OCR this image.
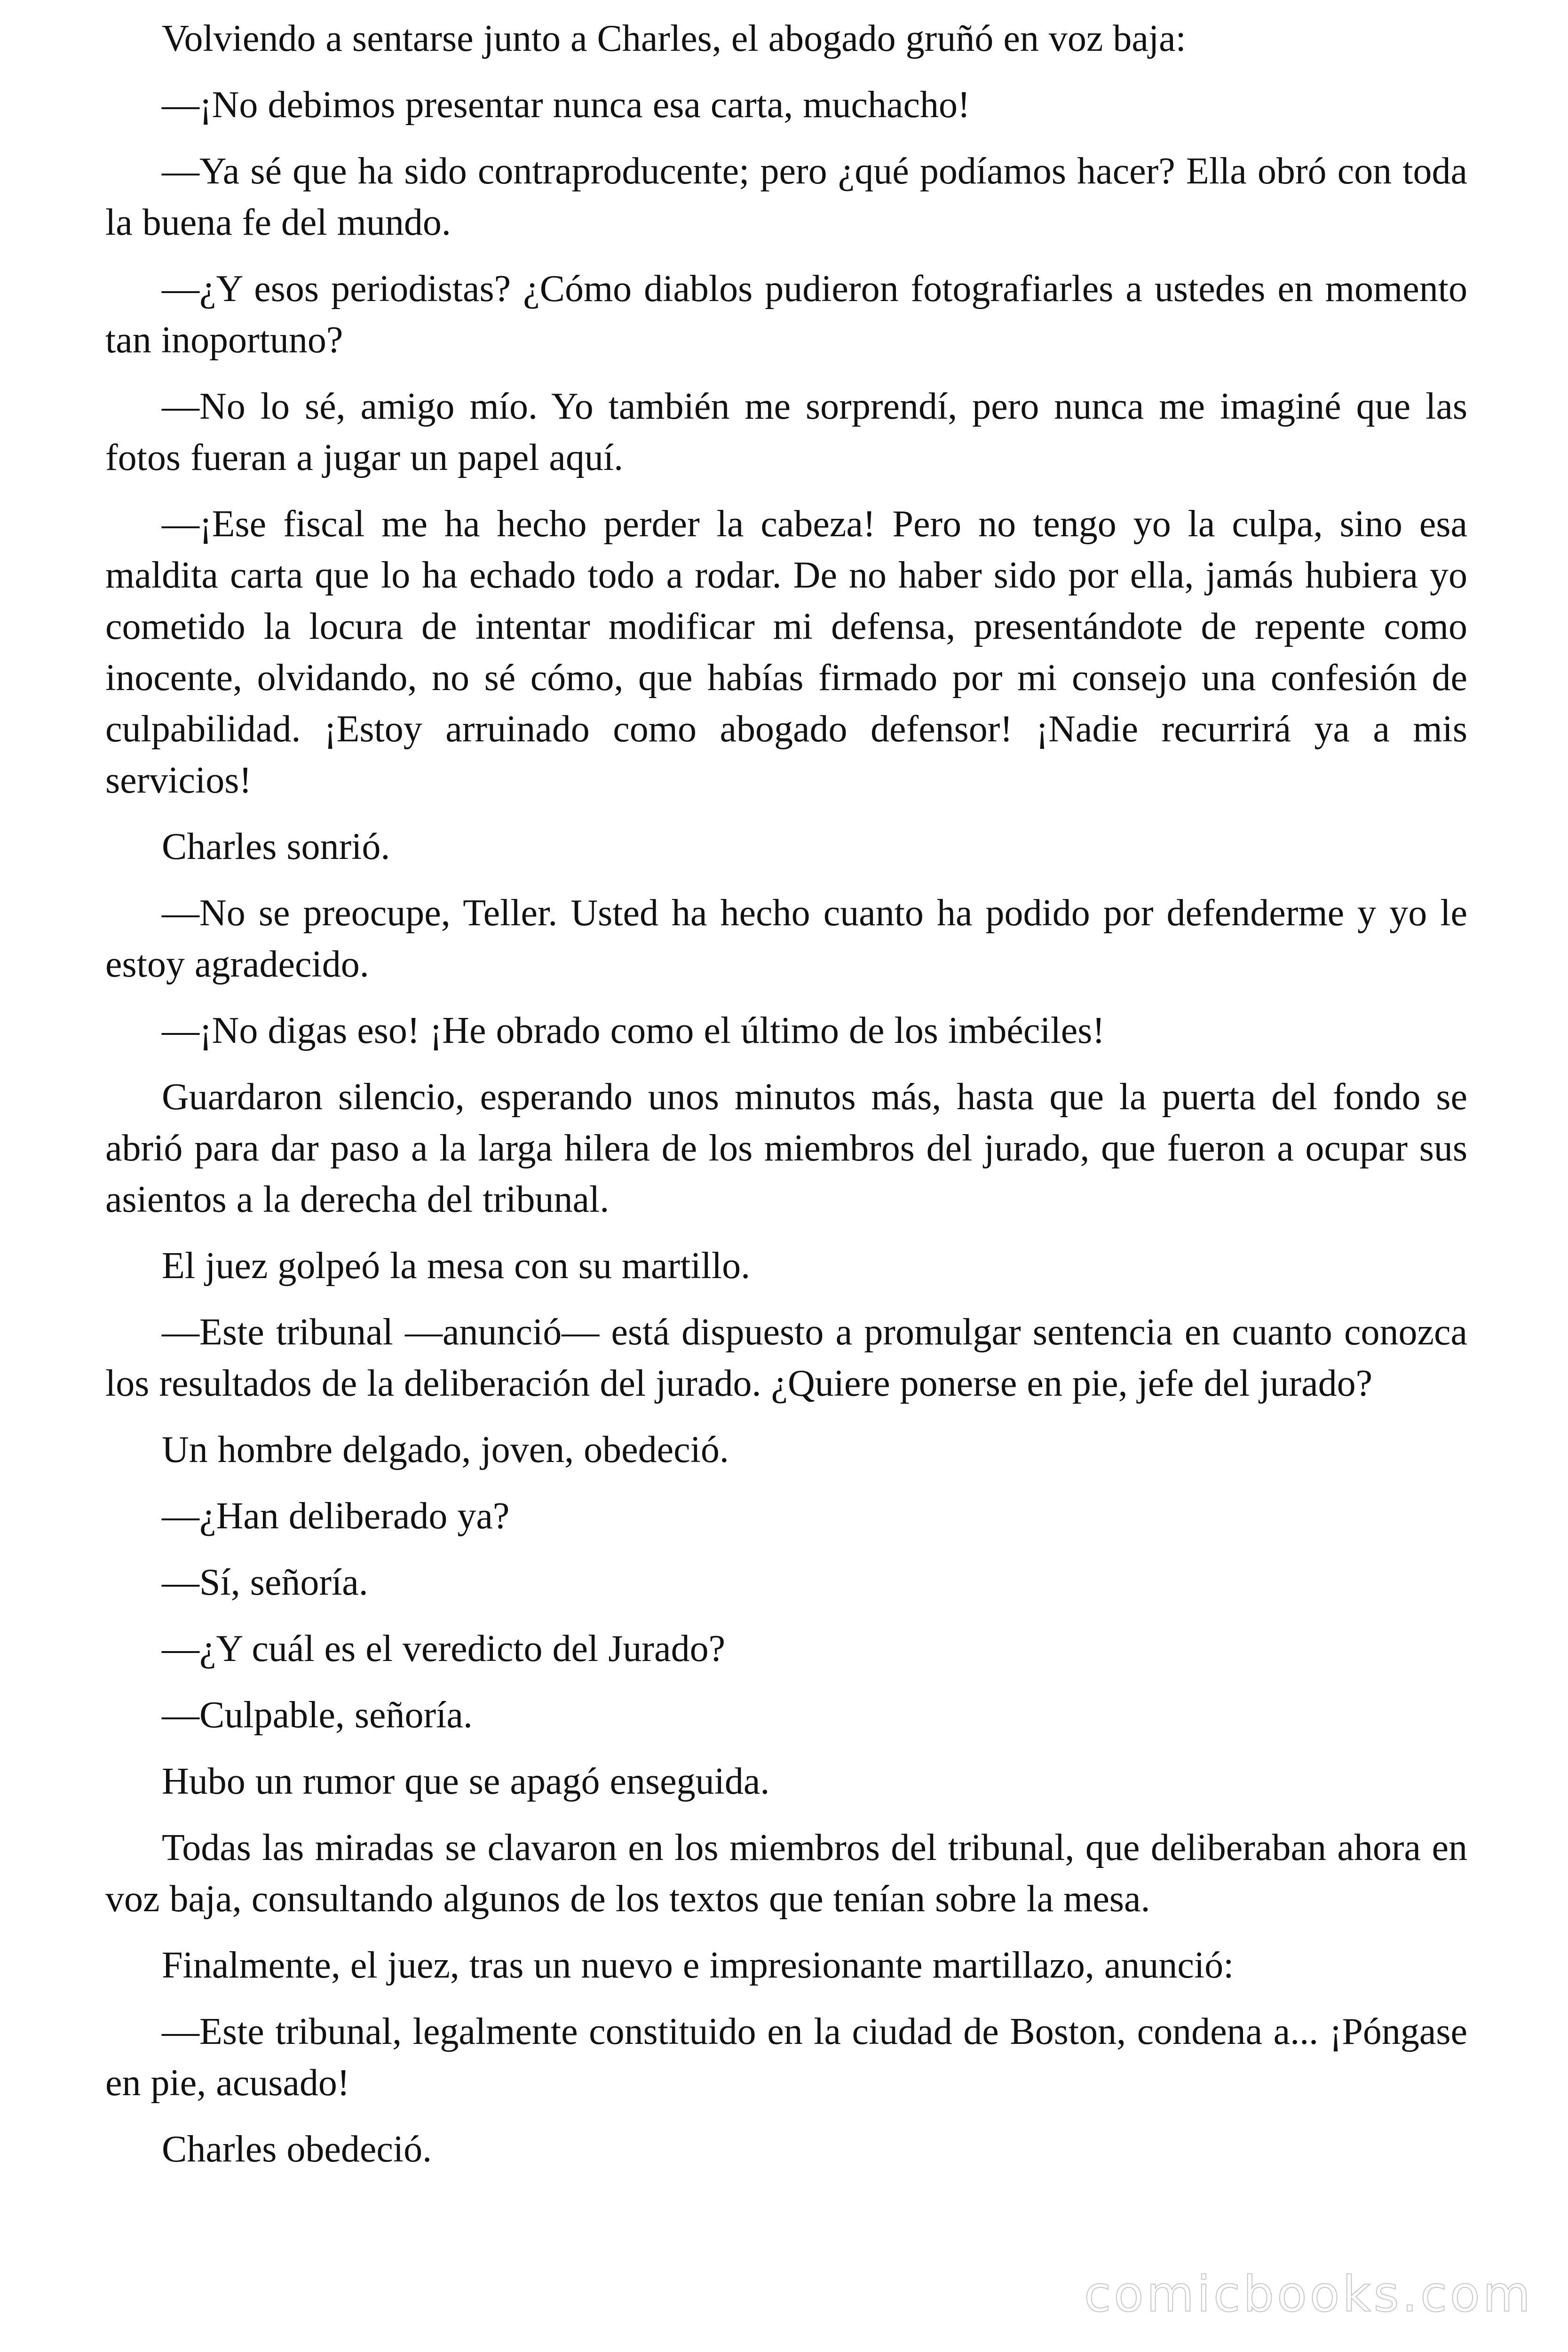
Volviendo a sentarse junto a Charles, el abogado gruñó en voz baja:

—¡No debimos presentar nunca esa carta, muchacho!

—Ya sé que ha sido contraproducente; pero ¿qué podíamos hacer? Ella obró con toda la buena fe del mundo.

—¿Y esos periodistas? ¿Cómo diablos pudieron fotografiarles a ustedes en momento tan inoportuno?

—No lo sé, amigo mío. Yo también me sorprendí, pero nunca me imaginé que las fotos fueran a jugar un papel aquí.

—¡Ese fiscal me ha hecho perder la cabeza! Pero no tengo yo la culpa, sino esa maldita carta que lo ha echado todo a rodar. De no haber sido por ella, jamás hubiera yo cometido la locura de intentar modificar mi defensa, presentándote de repente como inocente, olvidando, no sé cómo, que habías firmado por mi consejo una confesión de culpabilidad. ¡Estoy arruinado como abogado defensor! ¡Nadie recurrirá ya a mis servicios!

Charles sonrió.

—No se preocupe, Teller. Usted ha hecho cuanto ha podido por defenderme y yo le estoy agradecido.

—¡No digas eso! ¡He obrado como el último de los imbéciles!

Guardaron silencio, esperando unos minutos más, hasta que la puerta del fondo se abrió para dar paso a la larga hilera de los miembros del jurado, que fueron a ocupar sus asientos a la derecha del tribunal.

El juez golpeó la mesa con su martillo.

—Este tribunal —anunció— está dispuesto a promulgar sentencia en cuanto conozca los resultados de la deliberación del jurado. ¿Quiere ponerse en pie, jefe del jurado?

Un hombre delgado, joven, obedeció.

—¿Han deliberado ya?

—Sí, señoría.

—¿Y cuál es el veredicto del Jurado?

—Culpable, señoría.

Hubo un rumor que se apagó enseguida.

Todas las miradas se clavaron en los miembros del tribunal, que deliberaban ahora en voz baja, consultando algunos de los textos que tenían sobre la mesa.

Finalmente, el juez, tras un nuevo e impresionante martillazo, anunció:

—Este tribunal, legalmente constituido en la ciudad de Boston, condena a... ¡Póngase en pie, acusado!

Charles obedeció.

comicbooks.com
